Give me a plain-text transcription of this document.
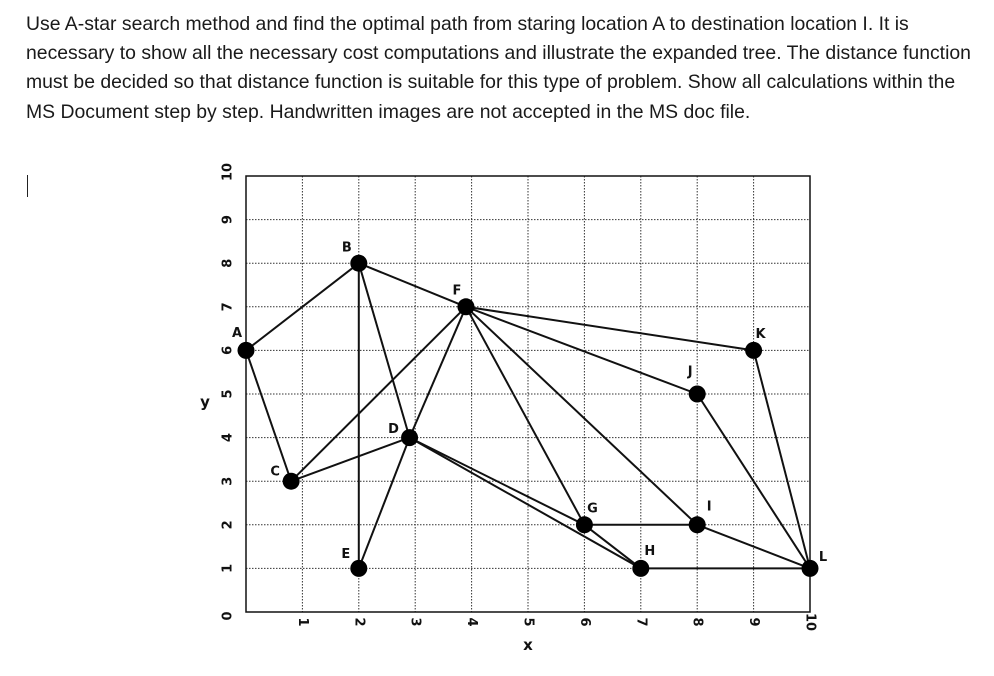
Use A-star search method and find the optimal path from staring location A to destination location I. It is necessary to show all the necessary cost computations and illustrate the expanded tree. The distance function must be decided so that distance function is suitable for this type of problem. Show all calculations within the MS Document step by step. Handwritten images are not accepted in the MS doc file.
A
B
C
D
E
F
G
H
I
J
K
L
1	2	3	4	5	6	7	8	9	10
0
1
2
3
4
5
6
7
8
9
10
x
y
